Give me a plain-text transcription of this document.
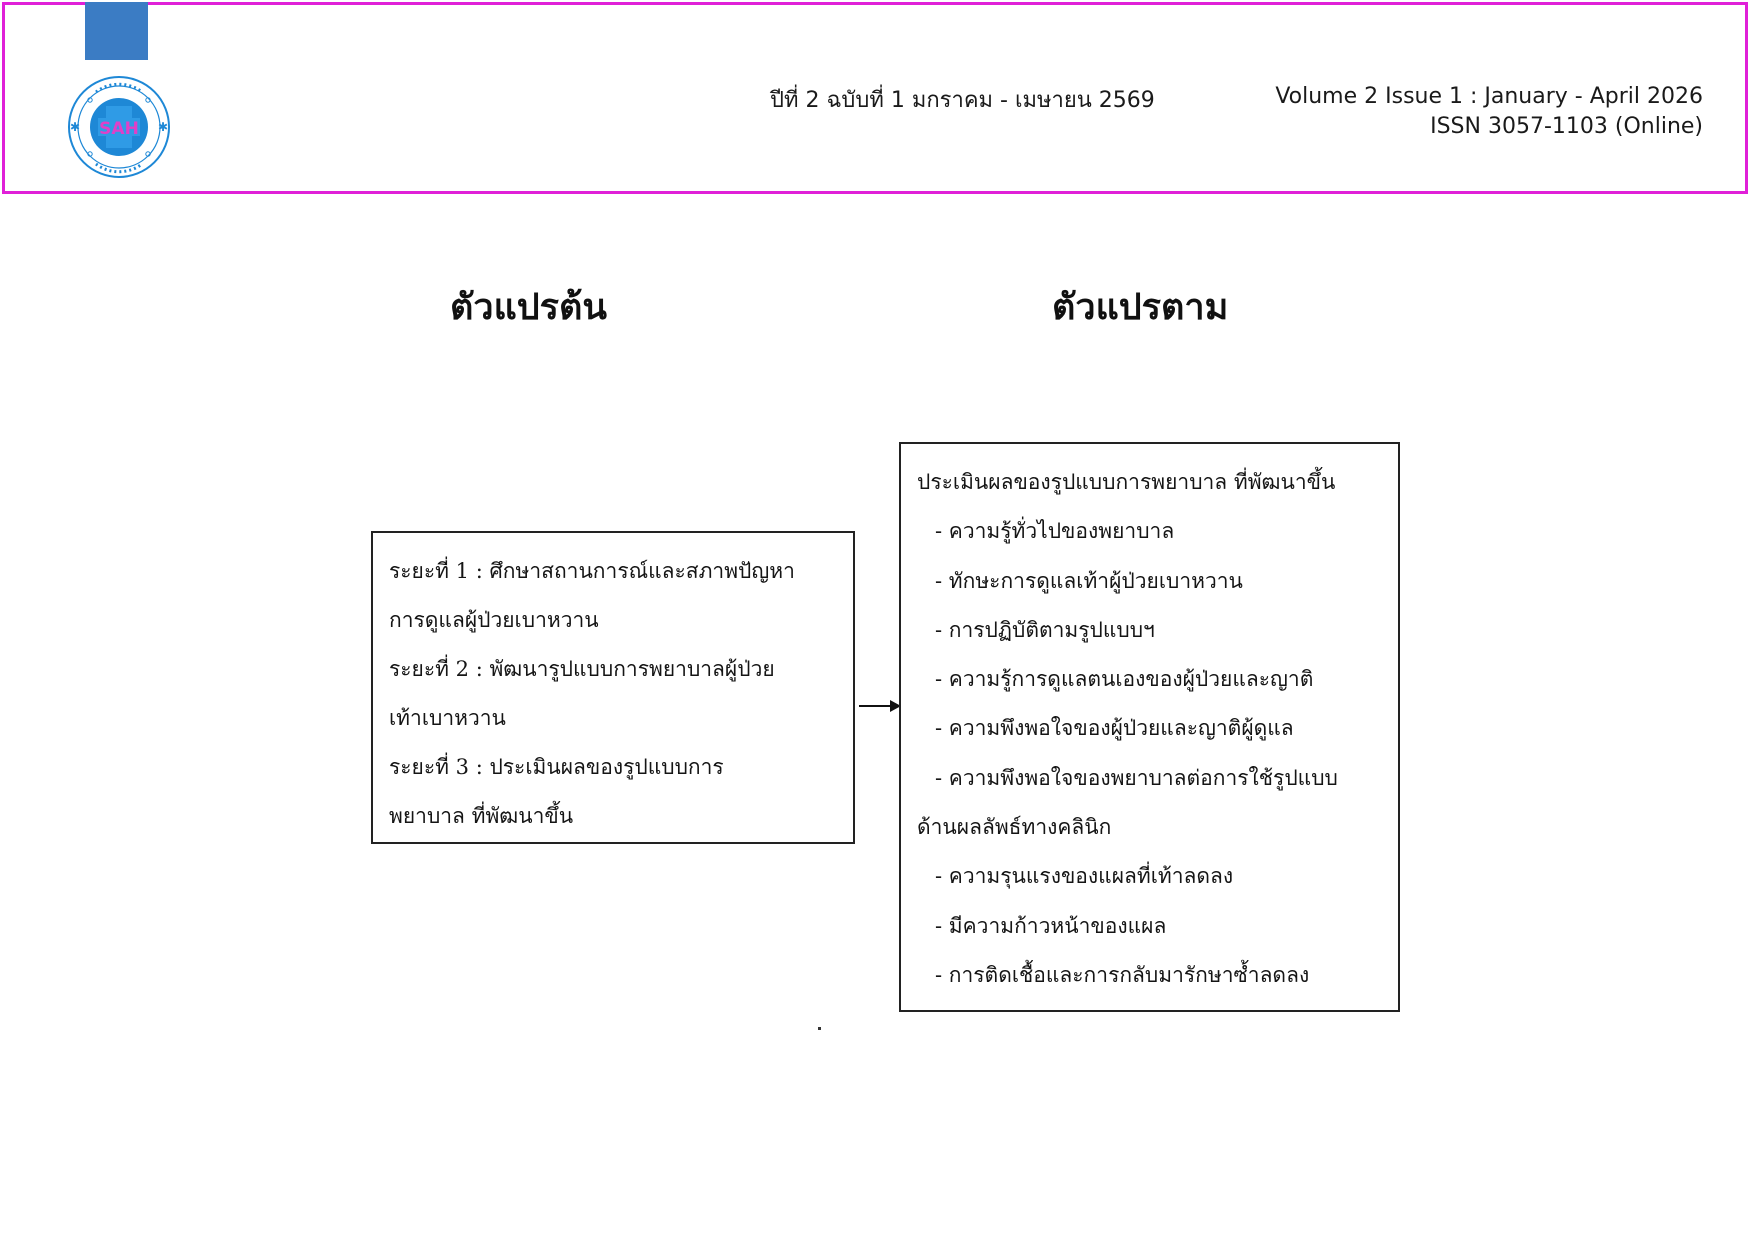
SAH
✱	✱
ปีที่ 2 ฉบับที่ 1 มกราคม - เมษายน 2569	Volume 2 Issue 1 : January - April 2026
ISSN 3057-1103 (Online)
ตัวแปรต้น	ตัวแปรตาม
ระยะที่ 1 : ศึกษาสถานการณ์และสภาพปัญหา
การดูแลผู้ป่วยเบาหวาน
ระยะที่ 2 : พัฒนารูปแบบการพยาบาลผู้ป่วย
เท้าเบาหวาน
ระยะที่ 3 : ประเมินผลของรูปแบบการ
พยาบาล ที่พัฒนาขึ้น
ประเมินผลของรูปแบบการพยาบาล ที่พัฒนาขึ้น
- ความรู้ทั่วไปของพยาบาล
- ทักษะการดูแลเท้าผู้ป่วยเบาหวาน
- การปฏิบัติตามรูปแบบฯ
- ความรู้การดูแลตนเองของผู้ป่วยและญาติ
- ความพึงพอใจของผู้ป่วยและญาติผู้ดูแล
- ความพึงพอใจของพยาบาลต่อการใช้รูปแบบ
ด้านผลลัพธ์ทางคลินิก
- ความรุนแรงของแผลที่เท้าลดลง
- มีความก้าวหน้าของแผล
- การติดเชื้อและการกลับมารักษาซ้ำลดลง
